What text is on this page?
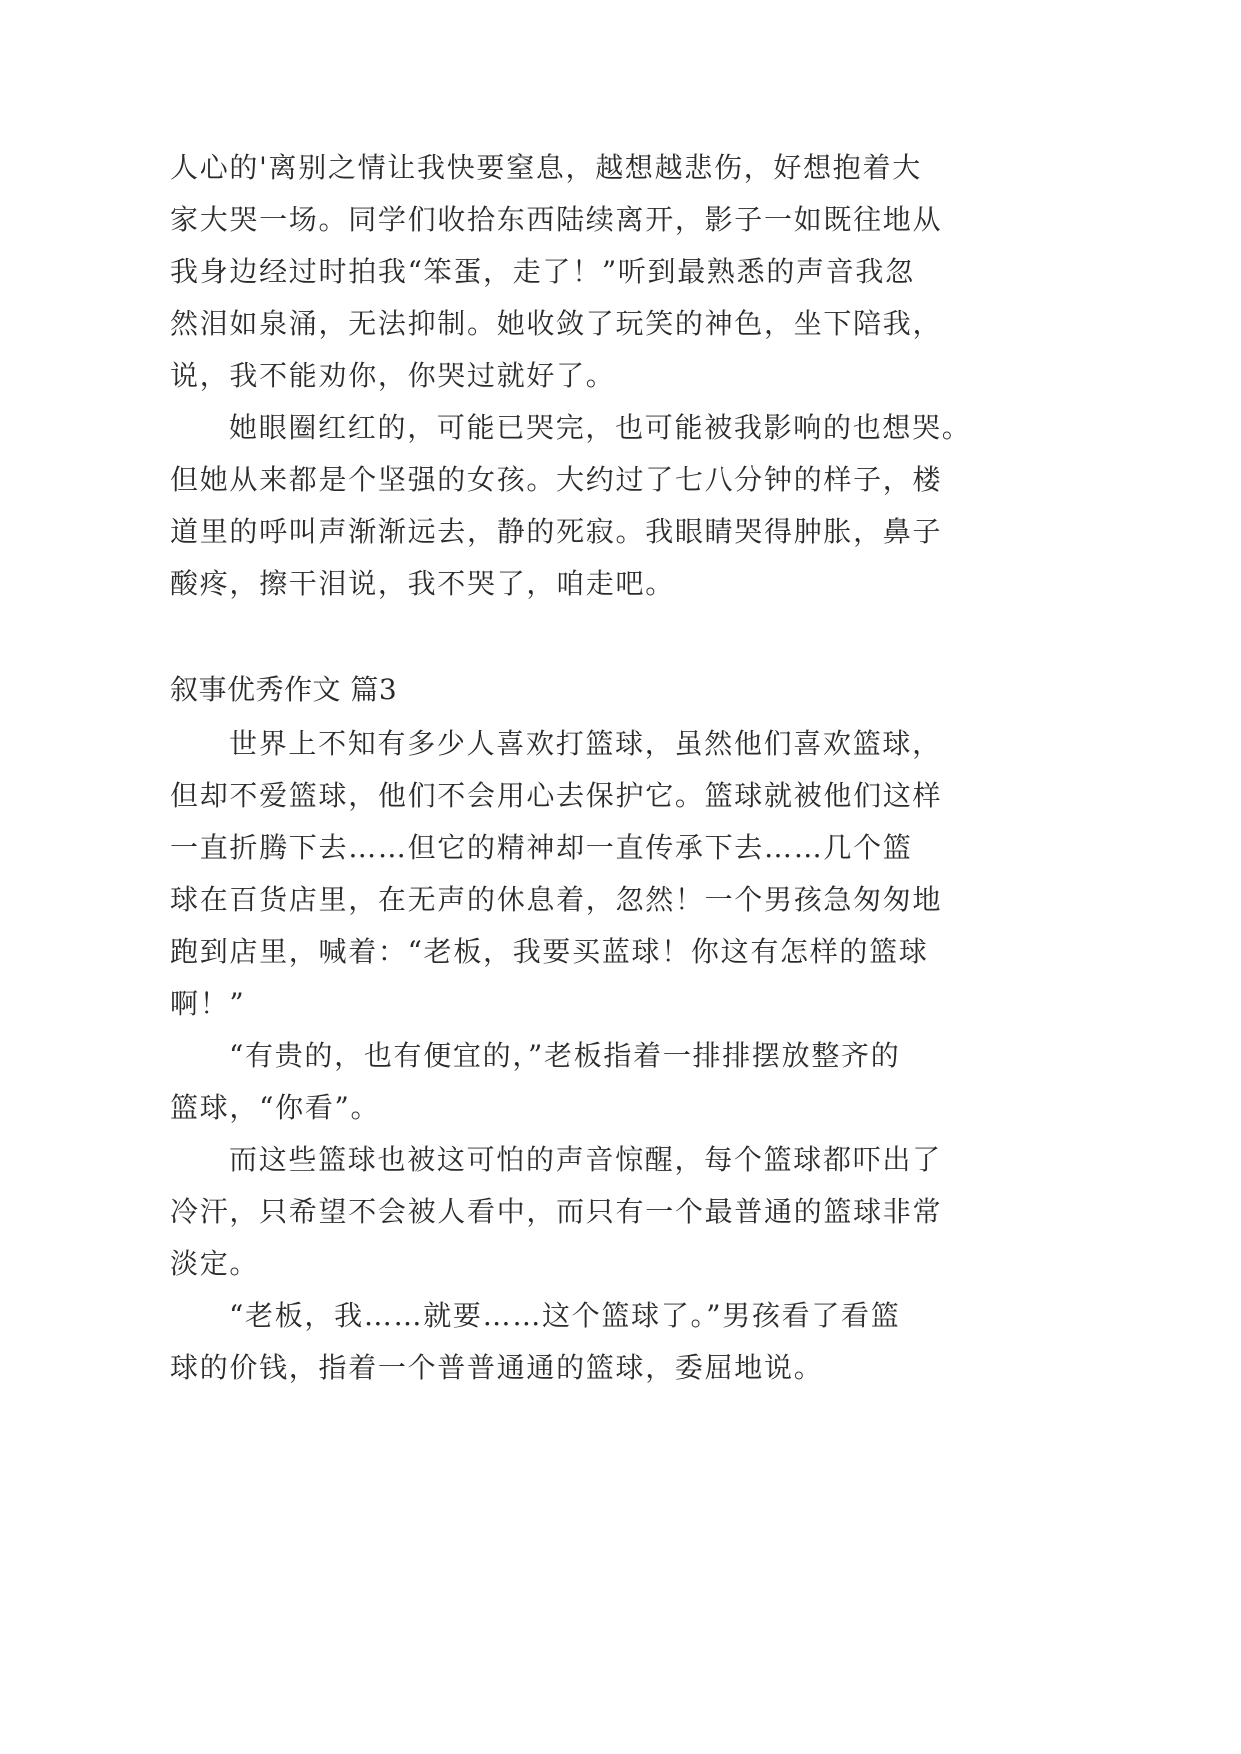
人心的'离别之情让我快要窒息，越想越悲伤，好想抱着大
家大哭一场。同学们收拾东西陆续离开，影子一如既往地从
我身边经过时拍我“笨蛋，走了！”听到最熟悉的声音我忽
然泪如泉涌，无法抑制。她收敛了玩笑的神色，坐下陪我，
说，我不能劝你，你哭过就好了。
她眼圈红红的，可能已哭完，也可能被我影响的也想哭。
但她从来都是个坚强的女孩。大约过了七八分钟的样子，楼
道里的呼叫声渐渐远去，静的死寂。我眼睛哭得肿胀，鼻子
酸疼，擦干泪说，我不哭了，咱走吧。
叙事优秀作文 篇3
世界上不知有多少人喜欢打篮球，虽然他们喜欢篮球，
但却不爱篮球，他们不会用心去保护它。篮球就被他们这样
一直折腾下去……但它的精神却一直传承下去……几个篮
球在百货店里，在无声的休息着，忽然！一个男孩急匆匆地
跑到店里，喊着：“老板，我要买蓝球！你这有怎样的篮球
啊！”
“有贵的，也有便宜的，”老板指着一排排摆放整齐的
篮球，“你看”。
而这些篮球也被这可怕的声音惊醒，每个篮球都吓出了
冷汗，只希望不会被人看中，而只有一个最普通的篮球非常
淡定。
“老板，我……就要……这个篮球了。”男孩看了看篮
球的价钱，指着一个普普通通的篮球，委屈地说。
